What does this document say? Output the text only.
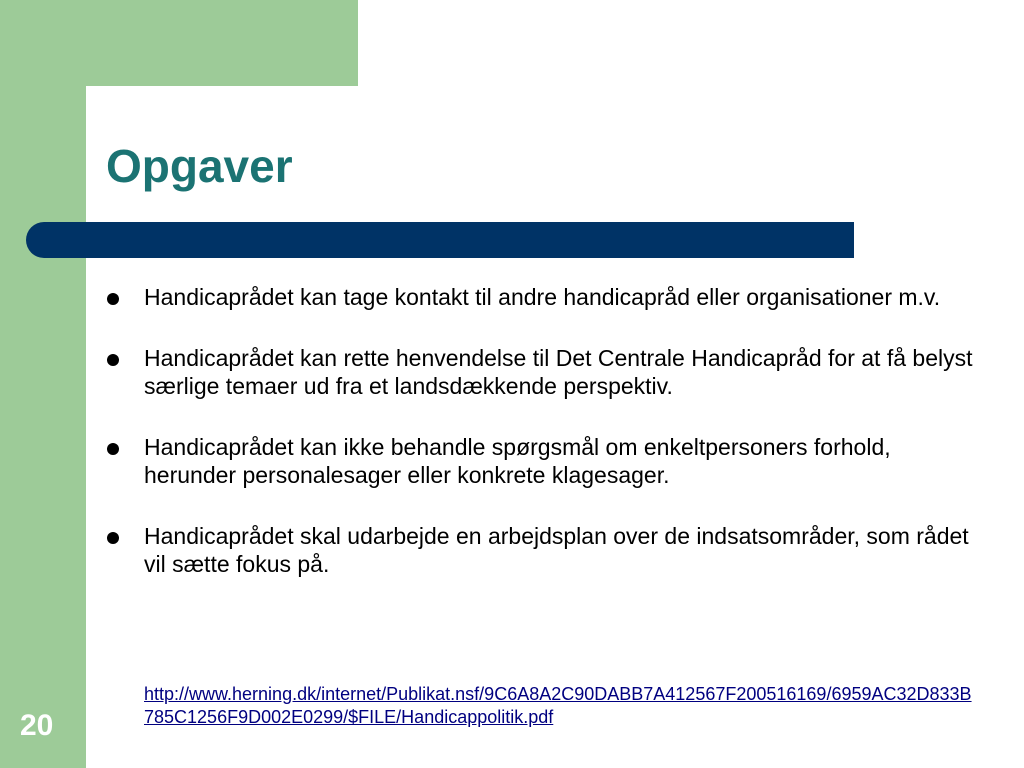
Opgaver
Handicaprådet kan tage kontakt til andre handicapråd eller organisationer m.v.
Handicaprådet kan rette henvendelse til Det Centrale Handicapråd for at få belyst særlige temaer ud fra et landsdækkende perspektiv.
Handicaprådet kan ikke behandle spørgsmål om enkeltpersoners forhold, herunder personalesager eller konkrete klagesager.
Handicaprådet skal udarbejde en arbejdsplan over de indsatsområder, som rådet vil sætte fokus på.
http://www.herning.dk/internet/Publikat.nsf/9C6A8A2C90DABB7A412567F200516169/6959AC32D833B785C1256F9D002E0299/$FILE/Handicappolitik.pdf
20
